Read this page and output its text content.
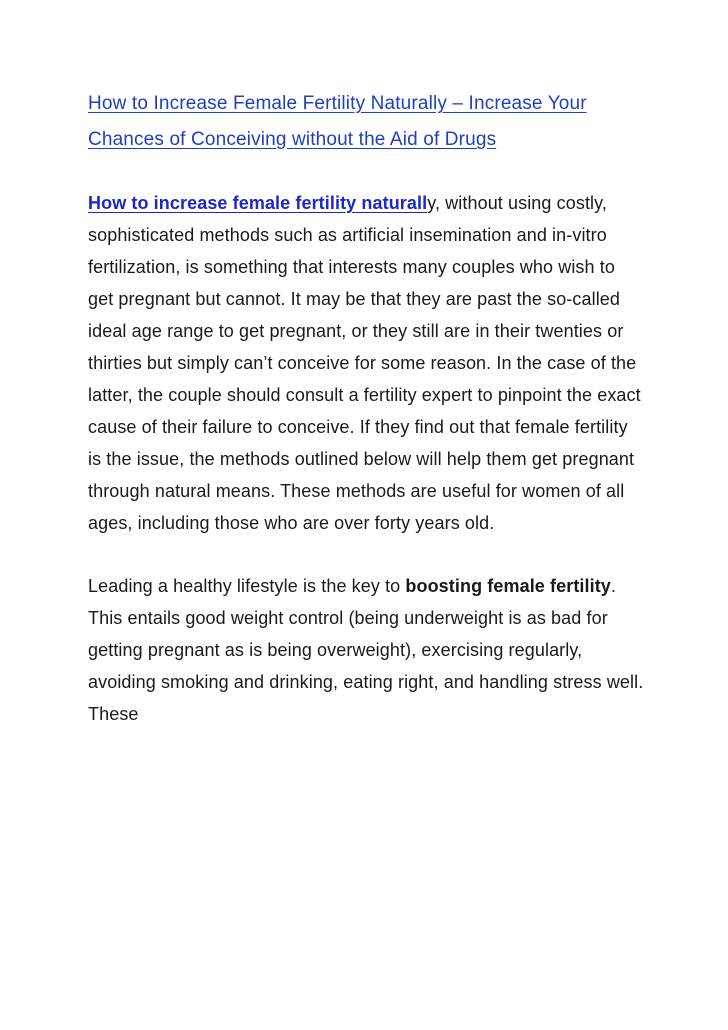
How to Increase Female Fertility Naturally – Increase Your Chances of Conceiving without the Aid of Drugs

How to increase female fertility naturally, without using costly, sophisticated methods such as artificial insemination and in-vitro fertilization, is something that interests many couples who wish to get pregnant but cannot. It may be that they are past the so-called ideal age range to get pregnant, or they still are in their twenties or thirties but simply can’t conceive for some reason. In the case of the latter, the couple should consult a fertility expert to pinpoint the exact cause of their failure to conceive. If they find out that female fertility is the issue, the methods outlined below will help them get pregnant through natural means. These methods are useful for women of all ages, including those who are over forty years old.

Leading a healthy lifestyle is the key to boosting female fertility. This entails good weight control (being underweight is as bad for getting pregnant as is being overweight), exercising regularly, avoiding smoking and drinking, eating right, and handling stress well. These
